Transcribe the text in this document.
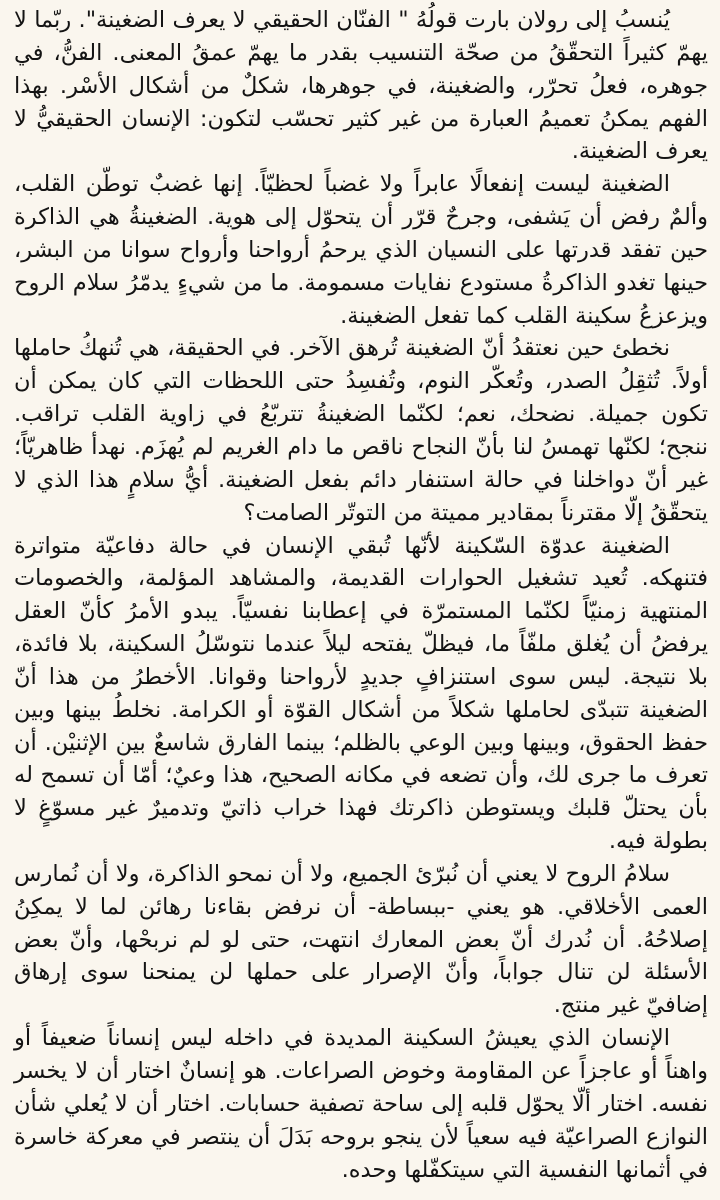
يُنسبُ إلى رولان بارت قولُهُ " الفنّان الحقيقي لا يعرف الضغينة". ربّما لا يهمّ كثيراً التحقّقُ من صحّة التنسيب بقدر ما يهمّ عمقُ المعنى. الفنُّ، في جوهره، فعلُ تحرّر، والضغينة، في جوهرها، شكلٌ من أشكال الأسْر. بهذا الفهم يمكنُ تعميمُ العبارة من غير كثير تحسّب لتكون: الإنسان الحقيقيُّ لا يعرف الضغينة.

الضغينة ليست إنفعالًا عابراً ولا غضباً لحظيّاً. إنها غضبٌ توطّن القلب، وألمٌ رفض أن يَشفى، وجرحٌ قرّر أن يتحوّل إلى هوية. الضغينةُ هي الذاكرة حين تفقد قدرتها على النسيان الذي يرحمُ أرواحنا وأرواح سوانا من البشر، حينها تغدو الذاكرةُ مستودع نفايات مسمومة. ما من شيءٍ يدمّرُ سلام الروح ويزعزعُ سكينة القلب كما تفعل الضغينة.

نخطئ حين نعتقدُ أنّ الضغينة تُرهق الآخر. في الحقيقة، هي تُنهكُ حاملها أولاً. تُثقِلُ الصدر، وتُعكّر النوم، وتُفسِدُ حتى اللحظات التي كان يمكن أن تكون جميلة. نضحك، نعم؛ لكنّما الضغينةُ تتربّعُ في زاوية القلب تراقب. ننجح؛ لكنّها تهمسُ لنا بأنّ النجاح ناقص ما دام الغريم لم يُهزَم. نهدأ ظاهريّاً؛ غير أنّ دواخلنا في حالة استنفار دائم بفعل الضغينة. أيُّ سلامٍ هذا الذي لا يتحقّقُ إلّا مقترناً بمقادير مميتة من التوتّر الصامت؟

الضغينة عدوّة السّكينة لأنّها تُبقي الإنسان في حالة دفاعيّة متواترة فتنهكه. تُعيد تشغيل الحوارات القديمة، والمشاهد المؤلمة، والخصومات المنتهية زمنيّاً لكنّما المستمرّة في إعطابنا نفسيّاً. يبدو الأمرُ كأنّ العقل يرفضُ أن يُغلق ملفّاً ما، فيظلّ يفتحه ليلاً عندما نتوسّلُ السكينة، بلا فائدة، بلا نتيجة. ليس سوى استنزافٍ جديدٍ لأرواحنا وقوانا. الأخطرُ من هذا أنّ الضغينة تتبدّى لحاملها شكلاً من أشكال القوّة أو الكرامة. نخلطُ بينها وبين حفظ الحقوق، وبينها وبين الوعي بالظلم؛ بينما الفارق شاسعٌ بين الإثنيْن. أن تعرف ما جرى لك، وأن تضعه في مكانه الصحيح، هذا وعيٌ؛ أمّا أن تسمح له بأن يحتلّ قلبك ويستوطن ذاكرتك فهذا خراب ذاتيّ وتدميرٌ غير مسوّغٍ لا بطولة فيه.

سلامُ الروح لا يعني أن نُبرّئ الجميع، ولا أن نمحو الذاكرة، ولا أن نُمارس العمى الأخلاقي. هو يعني -ببساطة- أن نرفض بقاءنا رهائن لما لا يمكِنُ إصلاحُهُ. أن نُدرك أنّ بعض المعارك انتهت، حتى لو لم نربحْها، وأنّ بعض الأسئلة لن تنال جواباً، وأنّ الإصرار على حملها لن يمنحنا سوى إرهاق إضافيّ غير منتج.

الإنسان الذي يعيشُ السكينة المديدة في داخله ليس إنساناً ضعيفاً أو واهناً أو عاجزاً عن المقاومة وخوض الصراعات. هو إنسانٌ اختار أن لا يخسر نفسه. اختار ألّا يحوّل قلبه إلى ساحة تصفية حسابات. اختار أن لا يُعلي شأن النوازع الصراعيّة فيه سعياً لأن ينجو بروحه بَدَلَ أن ينتصر في معركة خاسرة في أثمانها النفسية التي سيتكفّلها وحده.
